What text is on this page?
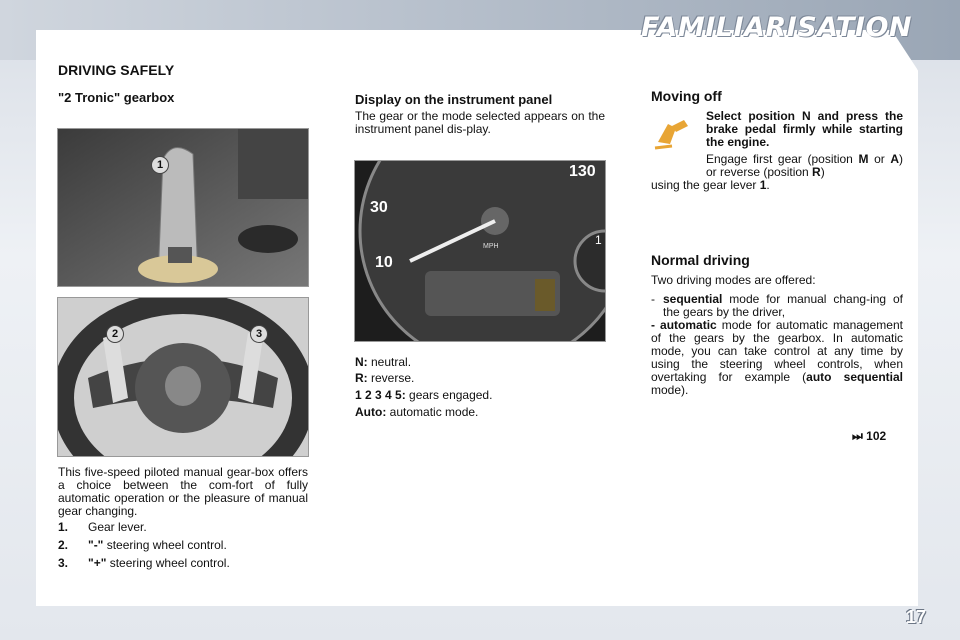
FAMILIARISATION
DRIVING SAFELY
"2 Tronic" gearbox
1
2	3
This five-speed piloted manual gear-box offers a choice between the com-fort of fully automatic operation or the pleasure of manual gear changing.
1. Gear lever.
2. "-" steering wheel control.
3. "+" steering wheel control.
Display on the instrument panel
The gear or the mode selected appears on the instrument panel dis-play.
30
10
130
MPH	1
N: neutral.
R: reverse.
1 2 3 4 5: gears engaged.
Auto: automatic mode.
Moving off
Select position N and press the brake pedal firmly while starting the engine.
Engage first gear (position M or A) or reverse (position R)
using the gear lever 1.
Normal driving
Two driving modes are offered:
- sequential mode for manual chang-ing of the gears by the driver,
- automatic mode for automatic management of the gears by the gearbox. In automatic mode, you can take control at any time by using the steering wheel controls, when overtaking for example (auto sequential mode).
⏭ 102
17
